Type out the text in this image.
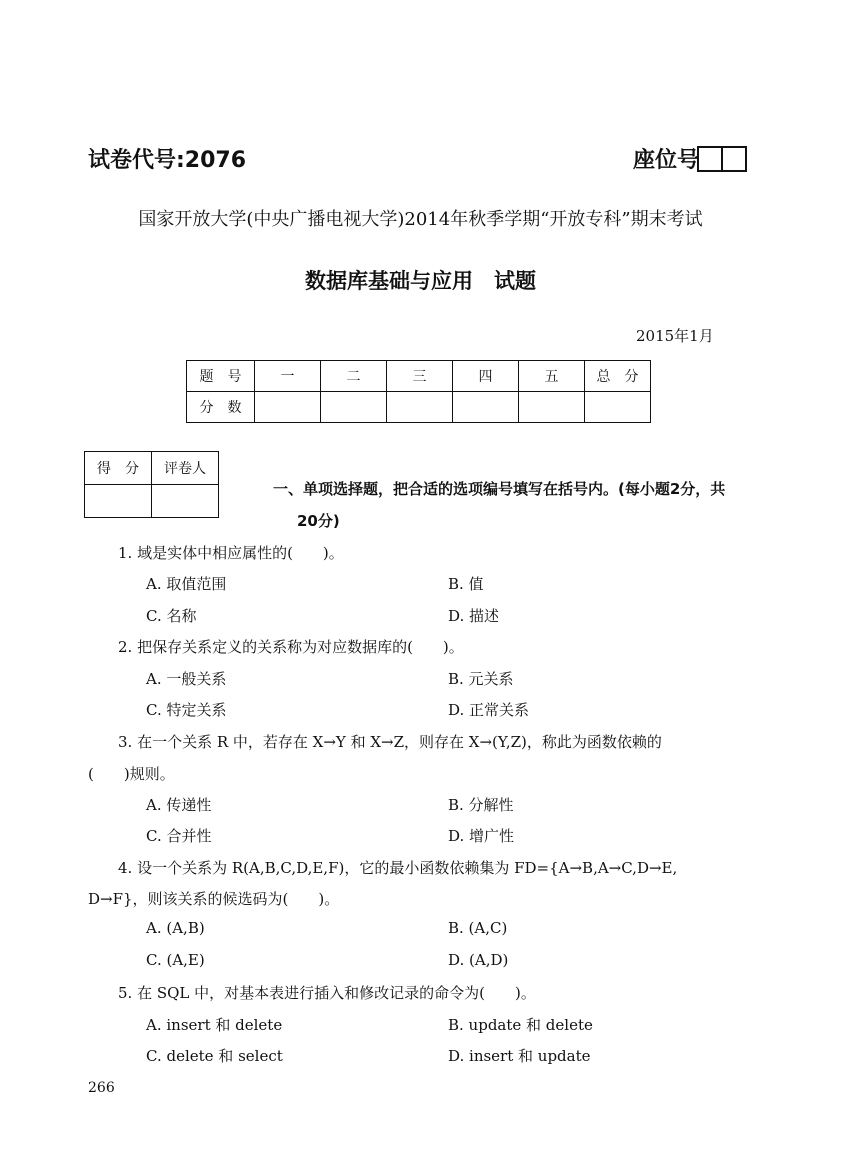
试卷代号:2076	座位号
国家开放大学(中央广播电视大学)2014年秋季学期“开放专科”期末考试
数据库基础与应用　试题
2015年1月
题　号	一	二	三	四	五	总　分
分　数						
得　分	评卷人

一、单项选择题，把合适的选项编号填写在括号内。(每小题2分，共
20分)
1. 域是实体中相应属性的(　　)。
A. 取值范围	B. 值
C. 名称	D. 描述
2. 把保存关系定义的关系称为对应数据库的(　　)。
A. 一般关系	B. 元关系
C. 特定关系	D. 正常关系
3. 在一个关系 R 中，若存在 X→Y 和 X→Z，则存在 X→(Y,Z)，称此为函数依赖的
(　　)规则。
A. 传递性	B. 分解性
C. 合并性	D. 增广性
4. 设一个关系为 R(A,B,C,D,E,F)，它的最小函数依赖集为 FD={A→B,A→C,D→E,
D→F}，则该关系的候选码为(　　)。
A. (A,B)	B. (A,C)
C. (A,E)	D. (A,D)
5. 在 SQL 中，对基本表进行插入和修改记录的命令为(　　)。
A. insert 和 delete	B. update 和 delete
C. delete 和 select	D. insert 和 update
266
